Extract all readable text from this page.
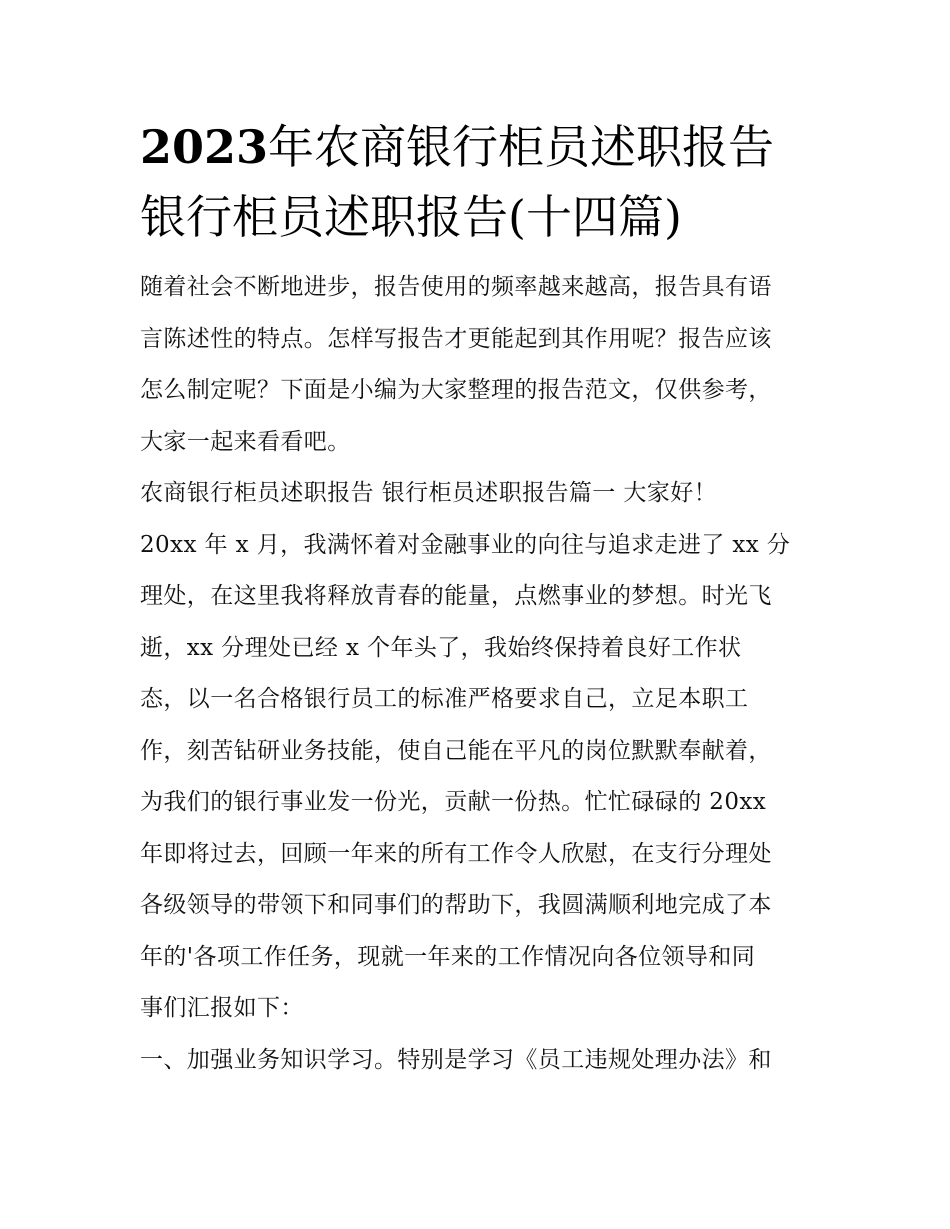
2023年农商银行柜员述职报告
银行柜员述职报告(十四篇)
随着社会不断地进步，报告使用的频率越来越高，报告具有语
言陈述性的特点。怎样写报告才更能起到其作用呢？报告应该
怎么制定呢？下面是小编为大家整理的报告范文，仅供参考，
大家一起来看看吧。
农商银行柜员述职报告 银行柜员述职报告篇一 大家好！
20xx 年 x 月，我满怀着对金融事业的向往与追求走进了 xx 分
理处，在这里我将释放青春的能量，点燃事业的梦想。时光飞
逝，xx 分理处已经 x 个年头了，我始终保持着良好工作状
态，以一名合格银行员工的标准严格要求自己，立足本职工
作，刻苦钻研业务技能，使自己能在平凡的岗位默默奉献着，
为我们的银行事业发一份光，贡献一份热。忙忙碌碌的 20xx
年即将过去，回顾一年来的所有工作令人欣慰，在支行分理处
各级领导的带领下和同事们的帮助下，我圆满顺利地完成了本
年的'各项工作任务，现就一年来的工作情况向各位领导和同
事们汇报如下：
一、加强业务知识学习。特别是学习《员工违规处理办法》和
